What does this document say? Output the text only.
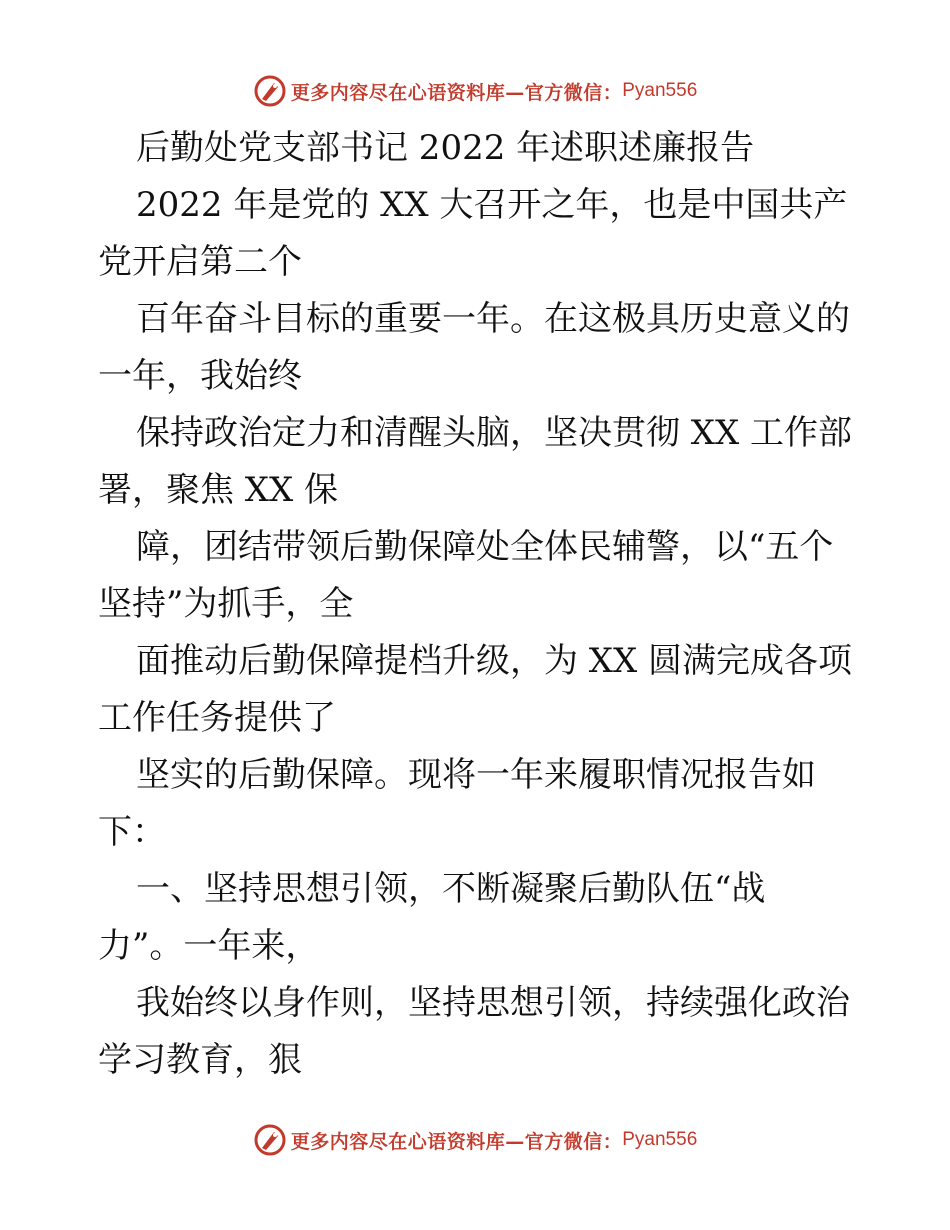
更多内容尽在心语资料库—官方微信： Pyan556
后勤处党支部书记 2022 年述职述廉报告
2022 年是党的 XX 大召开之年，也是中国共产
党开启第二个
百年奋斗目标的重要一年。在这极具历史意义的
一年，我始终
保持政治定力和清醒头脑，坚决贯彻 XX 工作部
署，聚焦 XX 保
障，团结带领后勤保障处全体民辅警，以“五个
坚持”为抓手，全
面推动后勤保障提档升级，为 XX 圆满完成各项
工作任务提供了
坚实的后勤保障。现将一年来履职情况报告如
下：
一、坚持思想引领，不断凝聚后勤队伍“战
力”。一年来，
我始终以身作则，坚持思想引领，持续强化政治
学习教育，狠
更多内容尽在心语资料库—官方微信： Pyan556
